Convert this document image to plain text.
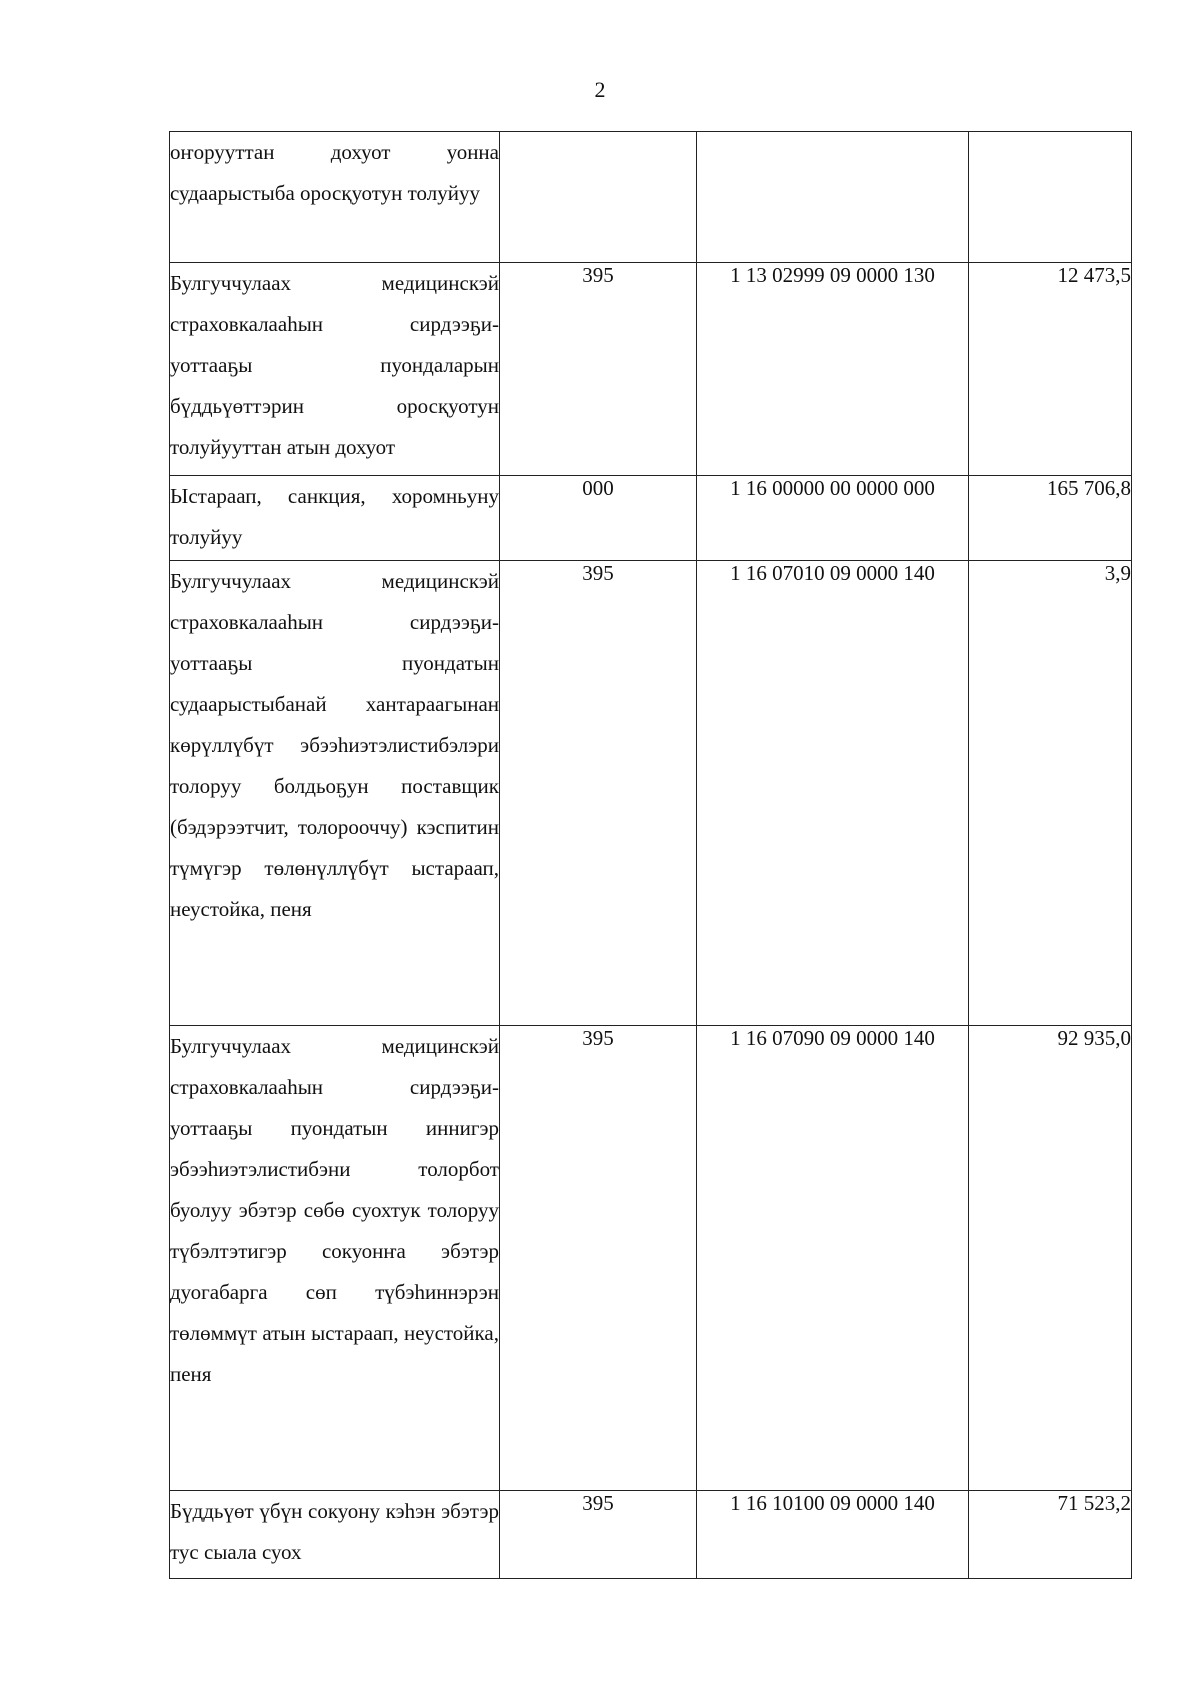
2
оҥорууттан дохуот уонна судаарыстыба оросқуотун толуйуу			
Булгуччулаах медицинскэй страховкалааһын сирдээҕи-уоттааҕы пуондаларын бүддьүөттэрин оросқуотун толуйууттан атын дохуот	395	1 13 02999 09 0000 130	12 473,5
Ыстараап, санкция, хоромньуну толуйуу	000	1 16 00000 00 0000 000	165 706,8
Булгуччулаах медицинскэй страховкалааһын сирдээҕи-уоттааҕы пуондатын судаарыстыбанай хантараагынан көрүллүбүт эбээһиэтэлистибэлэри толоруу болдьоҕун поставщик (бэдэрээтчит, толорооччу) кэспитин түмүгэр төлөнүллүбүт ыстараап, неустойка, пеня	395	1 16 07010 09 0000 140	3,9
Булгуччулаах медицинскэй страховкалааһын сирдээҕи-уоттааҕы пуондатын иннигэр эбээһиэтэлистибэни толорбот буолуу эбэтэр сөбө суохтук толоруу түбэлтэтигэр сокуонҥа эбэтэр дуогабарга сөп түбэһиннэрэн төлөммүт атын ыстараап, неустойка, пеня	395	1 16 07090 09 0000 140	92 935,0
Бүддьүөт үбүн сокуону кэһэн эбэтэр тус сыала суох	395	1 16 10100 09 0000 140	71 523,2
